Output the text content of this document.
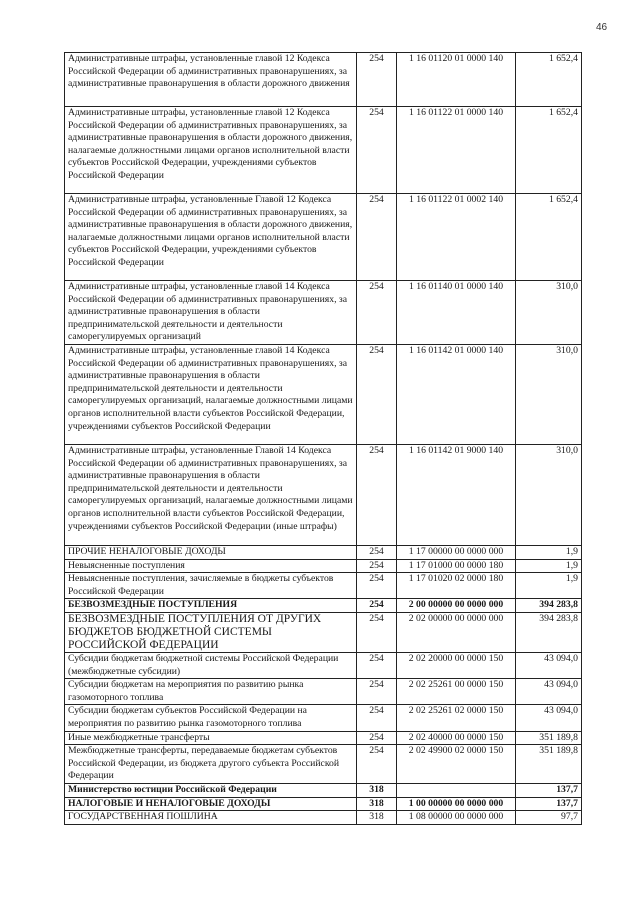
46
Административные штрафы, установленные главой 12 Кодекса Российской Федерации об административных правонарушениях, за административные правонарушения в области дорожного движения	254	1 16 01120 01 0000 140	1 652,4
Административные штрафы, установленные главой 12 Кодекса Российской Федерации об административных правонарушениях, за административные правонарушения в области дорожного движения, налагаемые должностными лицами органов исполнительной власти субъектов Российской Федерации, учреждениями субъектов Российской Федерации	254	1 16 01122 01 0000 140	1 652,4
Административные штрафы, установленные Главой 12 Кодекса Российской Федерации об административных правонарушениях, за административные правонарушения в области дорожного движения, налагаемые должностными лицами органов исполнительной власти субъектов Российской Федерации, учреждениями субъектов Российской Федерации	254	1 16 01122 01 0002 140	1 652,4
Административные штрафы, установленные главой 14 Кодекса Российской Федерации об административных правонарушениях, за административные правонарушения в области предпринимательской деятельности и деятельности саморегулируемых организаций	254	1 16 01140 01 0000 140	310,0
Административные штрафы, установленные главой 14 Кодекса Российской Федерации об административных правонарушениях, за административные правонарушения в области предпринимательской деятельности и деятельности саморегулируемых организаций, налагаемые должностными лицами органов исполнительной власти субъектов Российской Федерации, учреждениями субъектов Российской Федерации	254	1 16 01142 01 0000 140	310,0
Административные штрафы, установленные Главой 14 Кодекса Российской Федерации об административных правонарушениях, за административные правонарушения в области предпринимательской деятельности и деятельности саморегулируемых организаций, налагаемые должностными лицами органов исполнительной власти субъектов Российской Федерации, учреждениями субъектов Российской Федерации (иные штрафы)	254	1 16 01142 01 9000 140	310,0
ПРОЧИЕ НЕНАЛОГОВЫЕ ДОХОДЫ	254	1 17 00000 00 0000 000	1,9
Невыясненные поступления	254	1 17 01000 00 0000 180	1,9
Невыясненные поступления, зачисляемые в бюджеты субъектов Российской Федерации	254	1 17 01020 02 0000 180	1,9
БЕЗВОЗМЕЗДНЫЕ ПОСТУПЛЕНИЯ	254	2 00 00000 00 0000 000	394 283,8
БЕЗВОЗМЕЗДНЫЕ ПОСТУПЛЕНИЯ ОТ ДРУГИХ БЮДЖЕТОВ БЮДЖЕТНОЙ СИСТЕМЫ РОССИЙСКОЙ ФЕДЕРАЦИИ	254	2 02 00000 00 0000 000	394 283,8
Субсидии бюджетам бюджетной системы Российской Федерации (межбюджетные субсидии)	254	2 02 20000 00 0000 150	43 094,0
Субсидии бюджетам на мероприятия по развитию рынка газомоторного топлива	254	2 02 25261 00 0000 150	43 094,0
Субсидии бюджетам субъектов Российской Федерации на мероприятия по развитию рынка газомоторного топлива	254	2 02 25261 02 0000 150	43 094,0
Иные межбюджетные трансферты	254	2 02 40000 00 0000 150	351 189,8
Межбюджетные трансферты, передаваемые бюджетам субъектов Российской Федерации, из бюджета другого субъекта Российской Федерации	254	2 02 49900 02 0000 150	351 189,8
Министерство юстиции Российской Федерации	318		137,7
НАЛОГОВЫЕ И НЕНАЛОГОВЫЕ ДОХОДЫ	318	1 00 00000 00 0000 000	137,7
ГОСУДАРСТВЕННАЯ ПОШЛИНА	318	1 08 00000 00 0000 000	97,7
